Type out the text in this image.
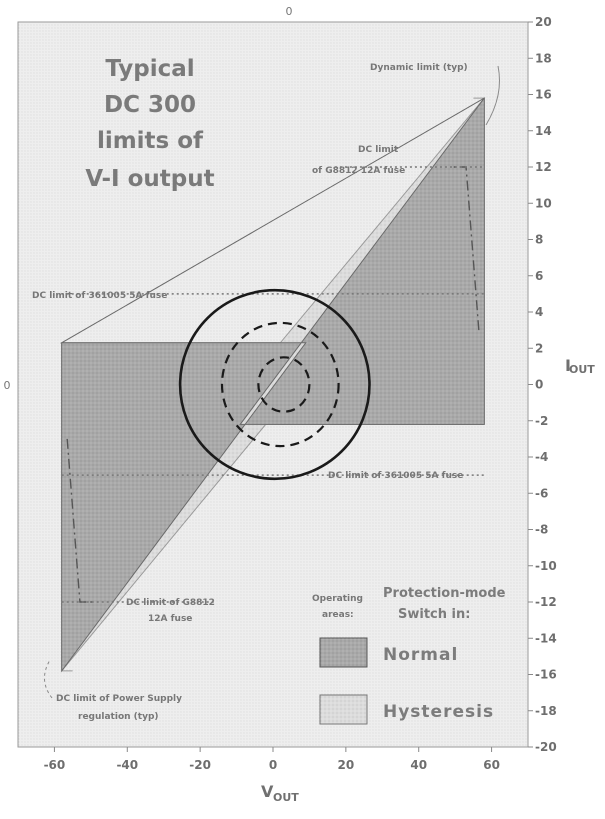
Typical
DC 300
limits of
V-I output
0
0
-60	-40	-20	0	20	40	60
20
18
16
14
12
10
8
6
4
2
0
-2
-4
-6
-8
-10
-12
-14
-16
-18
-20
Dynamic limit (typ)
DC limit
of G8812 12A fuse
DC limit of 361005 5A fuse
DC limit of 361005 5A fuse
DC limit of G8812
12A fuse
DC limit of Power Supply
regulation (typ)
Operating
areas:
Protection-mode
Switch in:
Normal
Hysteresis
V OUT
I
OUT
